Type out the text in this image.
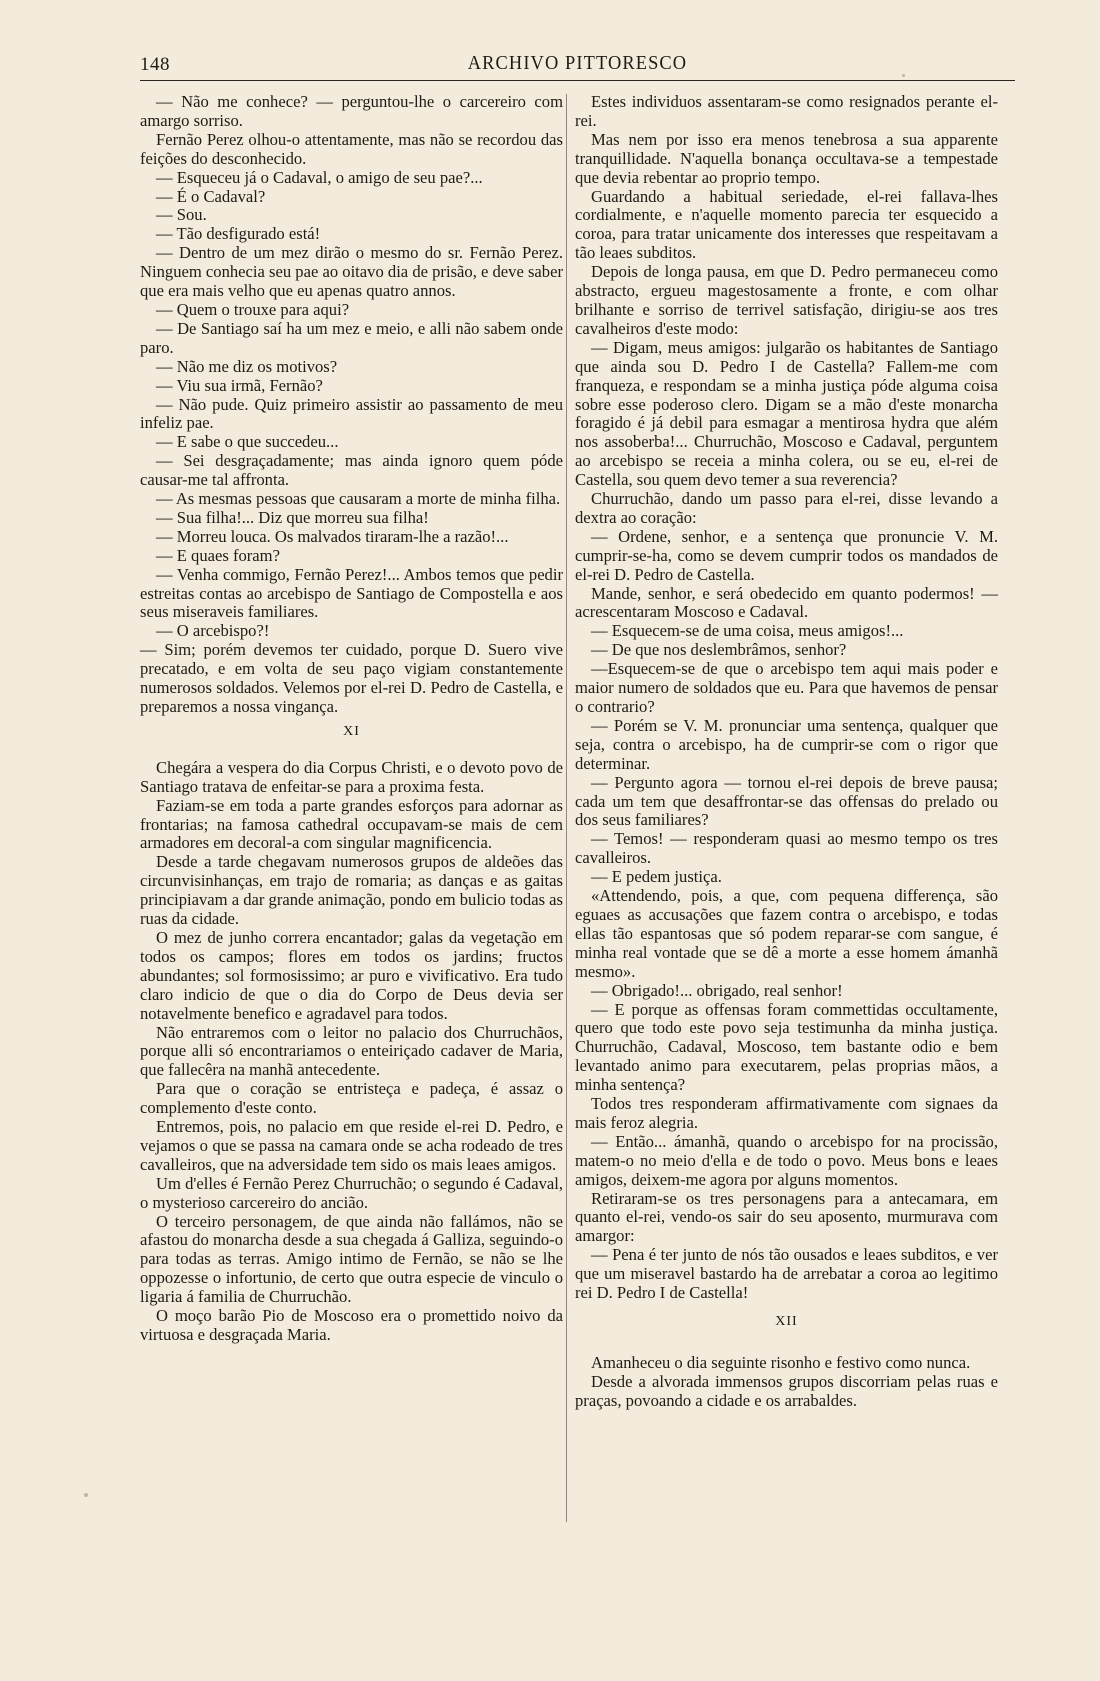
148	ARCHIVO PITTORESCO

— Não me conhece? — perguntou-lhe o carcereiro com amargo sorriso.

Fernão Perez olhou-o attentamente, mas não se recordou das feições do desconhecido.

— Esqueceu já o Cadaval, o amigo de seu pae?...

— É o Cadaval?

— Sou.

— Tão desfigurado está!

— Dentro de um mez dirão o mesmo do sr. Fernão Perez. Ninguem conhecia seu pae ao oitavo dia de prisão, e deve saber que era mais velho que eu apenas quatro annos.

— Quem o trouxe para aqui?

— De Santiago saí ha um mez e meio, e alli não sabem onde paro.

— Não me diz os motivos?

— Viu sua irmã, Fernão?

— Não pude. Quiz primeiro assistir ao passamento de meu infeliz pae.

— E sabe o que succedeu...

— Sei desgraçadamente; mas ainda ignoro quem póde causar-me tal affronta.

— As mesmas pessoas que causaram a morte de minha filha.

— Sua filha!... Diz que morreu sua filha!

— Morreu louca. Os malvados tiraram-lhe a razão!...

— E quaes foram?

— Venha commigo, Fernão Perez!... Ambos temos que pedir estreitas contas ao arcebispo de Santiago de Compostella e aos seus miseraveis familiares.

— O arcebispo?!

— Sim; porém devemos ter cuidado, porque D. Suero vive precatado, e em volta de seu paço vigiam constantemente numerosos soldados. Velemos por el-rei D. Pedro de Castella, e preparemos a nossa vingança.

XI

Chegára a vespera do dia Corpus Christi, e o devoto povo de Santiago tratava de enfeitar-se para a proxima festa.

Faziam-se em toda a parte grandes esforços para adornar as frontarias; na famosa cathedral occupavam-se mais de cem armadores em decoral-a com singular magnificencia.

Desde a tarde chegavam numerosos grupos de aldeões das circunvisinhanças, em trajo de romaria; as danças e as gaitas principiavam a dar grande animação, pondo em bulicio todas as ruas da cidade.

O mez de junho correra encantador; galas da vegetação em todos os campos; flores em todos os jardins; fructos abundantes; sol formosissimo; ar puro e vivificativo. Era tudo claro indicio de que o dia do Corpo de Deus devia ser notavelmente benefico e agradavel para todos.

Não entraremos com o leitor no palacio dos Churruchãos, porque alli só encontrariamos o enteiriçado cadaver de Maria, que fallecêra na manhã antecedente.

Para que o coração se entristeça e padeça, é assaz o complemento d'este conto.

Entremos, pois, no palacio em que reside el-rei D. Pedro, e vejamos o que se passa na camara onde se acha rodeado de tres cavalleiros, que na adversidade tem sido os mais leaes amigos.

Um d'elles é Fernão Perez Churruchão; o segundo é Cadaval, o mysterioso carcereiro do ancião.

O terceiro personagem, de que ainda não fallámos, não se afastou do monarcha desde a sua chegada á Galliza, seguindo-o para todas as terras. Amigo intimo de Fernão, se não se lhe oppozesse o infortunio, de certo que outra especie de vinculo o ligaria á familia de Churruchão.

O moço barão Pio de Moscoso era o promettido noivo da virtuosa e desgraçada Maria.

Estes individuos assentaram-se como resignados perante el-rei.

Mas nem por isso era menos tenebrosa a sua apparente tranquillidade. N'aquella bonança occultava-se a tempestade que devia rebentar ao proprio tempo.

Guardando a habitual seriedade, el-rei fallava-lhes cordialmente, e n'aquelle momento parecia ter esquecido a coroa, para tratar unicamente dos interesses que respeitavam a tão leaes subditos.

Depois de longa pausa, em que D. Pedro permaneceu como abstracto, ergueu magestosamente a fronte, e com olhar brilhante e sorriso de terrivel satisfação, dirigiu-se aos tres cavalheiros d'este modo:

— Digam, meus amigos: julgarão os habitantes de Santiago que ainda sou D. Pedro I de Castella? Fallem-me com franqueza, e respondam se a minha justiça póde alguma coisa sobre esse poderoso clero. Digam se a mão d'este monarcha foragido é já debil para esmagar a mentirosa hydra que além nos assoberba!... Churruchão, Moscoso e Cadaval, perguntem ao arcebispo se receia a minha colera, ou se eu, el-rei de Castella, sou quem devo temer a sua reverencia?

Churruchão, dando um passo para el-rei, disse levando a dextra ao coração:

— Ordene, senhor, e a sentença que pronuncie V. M. cumprir-se-ha, como se devem cumprir todos os mandados de el-rei D. Pedro de Castella.

Mande, senhor, e será obedecido em quanto podermos! — acrescentaram Moscoso e Cadaval.

— Esquecem-se de uma coisa, meus amigos!...

— De que nos deslembrâmos, senhor?

—Esquecem-se de que o arcebispo tem aqui mais poder e maior numero de soldados que eu. Para que havemos de pensar o contrario?

— Porém se V. M. pronunciar uma sentença, qualquer que seja, contra o arcebispo, ha de cumprir-se com o rigor que determinar.

— Pergunto agora — tornou el-rei depois de breve pausa; cada um tem que desaffrontar-se das offensas do prelado ou dos seus familiares?

— Temos! — responderam quasi ao mesmo tempo os tres cavalleiros.

— E pedem justiça.

«Attendendo, pois, a que, com pequena differença, são eguaes as accusações que fazem contra o arcebispo, e todas ellas tão espantosas que só podem reparar-se com sangue, é minha real vontade que se dê a morte a esse homem ámanhã mesmo».

— Obrigado!... obrigado, real senhor!

— E porque as offensas foram commettidas occultamente, quero que todo este povo seja testimunha da minha justiça. Churruchão, Cadaval, Moscoso, tem bastante odio e bem levantado animo para executarem, pelas proprias mãos, a minha sentença?

Todos tres responderam affirmativamente com signaes da mais feroz alegria.

— Então... ámanhã, quando o arcebispo for na procissão, matem-o no meio d'ella e de todo o povo. Meus bons e leaes amigos, deixem-me agora por alguns momentos.

Retiraram-se os tres personagens para a antecamara, em quanto el-rei, vendo-os sair do seu aposento, murmurava com amargor:

— Pena é ter junto de nós tão ousados e leaes subditos, e ver que um miseravel bastardo ha de arrebatar a coroa ao legitimo rei D. Pedro I de Castella!

XII

Amanheceu o dia seguinte risonho e festivo como nunca.

Desde a alvorada immensos grupos discorriam pelas ruas e praças, povoando a cidade e os arrabaldes.
